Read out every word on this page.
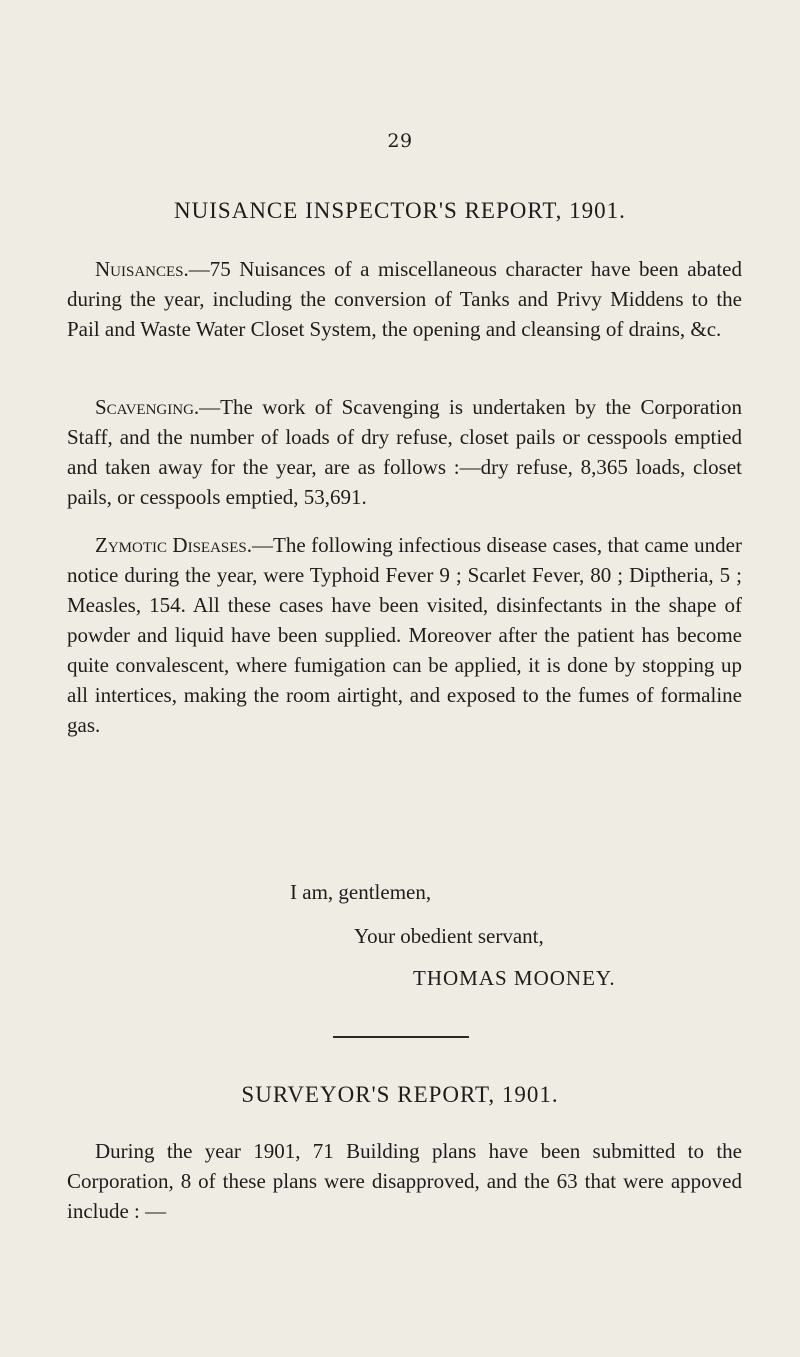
29
NUISANCE INSPECTOR'S REPORT, 1901.

Nuisances.—75 Nuisances of a miscellaneous character have been abated during the year, including the conversion of Tanks and Privy Middens to the Pail and Waste Water Closet System, the opening and cleansing of drains, &c.

Scavenging.—The work of Scavenging is undertaken by the Corporation Staff, and the number of loads of dry refuse, closet pails or cesspools emptied and taken away for the year, are as follows :—dry refuse, 8,365 loads, closet pails, or cesspools emptied, 53,691.

Zymotic Diseases.—The following infectious disease cases, that came under notice during the year, were Typhoid Fever 9 ; Scarlet Fever, 80 ; Diptheria, 5 ; Measles, 154. All these cases have been visited, disinfectants in the shape of powder and liquid have been supplied. Moreover after the patient has become quite convalescent, where fumigation can be applied, it is done by stopping up all intertices, making the room airtight, and exposed to the fumes of formaline gas.

I am, gentlemen,
Your obedient servant,
THOMAS MOONEY.
SURVEYOR'S REPORT, 1901.

During the year 1901, 71 Building plans have been submitted to the Corporation, 8 of these plans were disapproved, and the 63 that were appoved include : —
